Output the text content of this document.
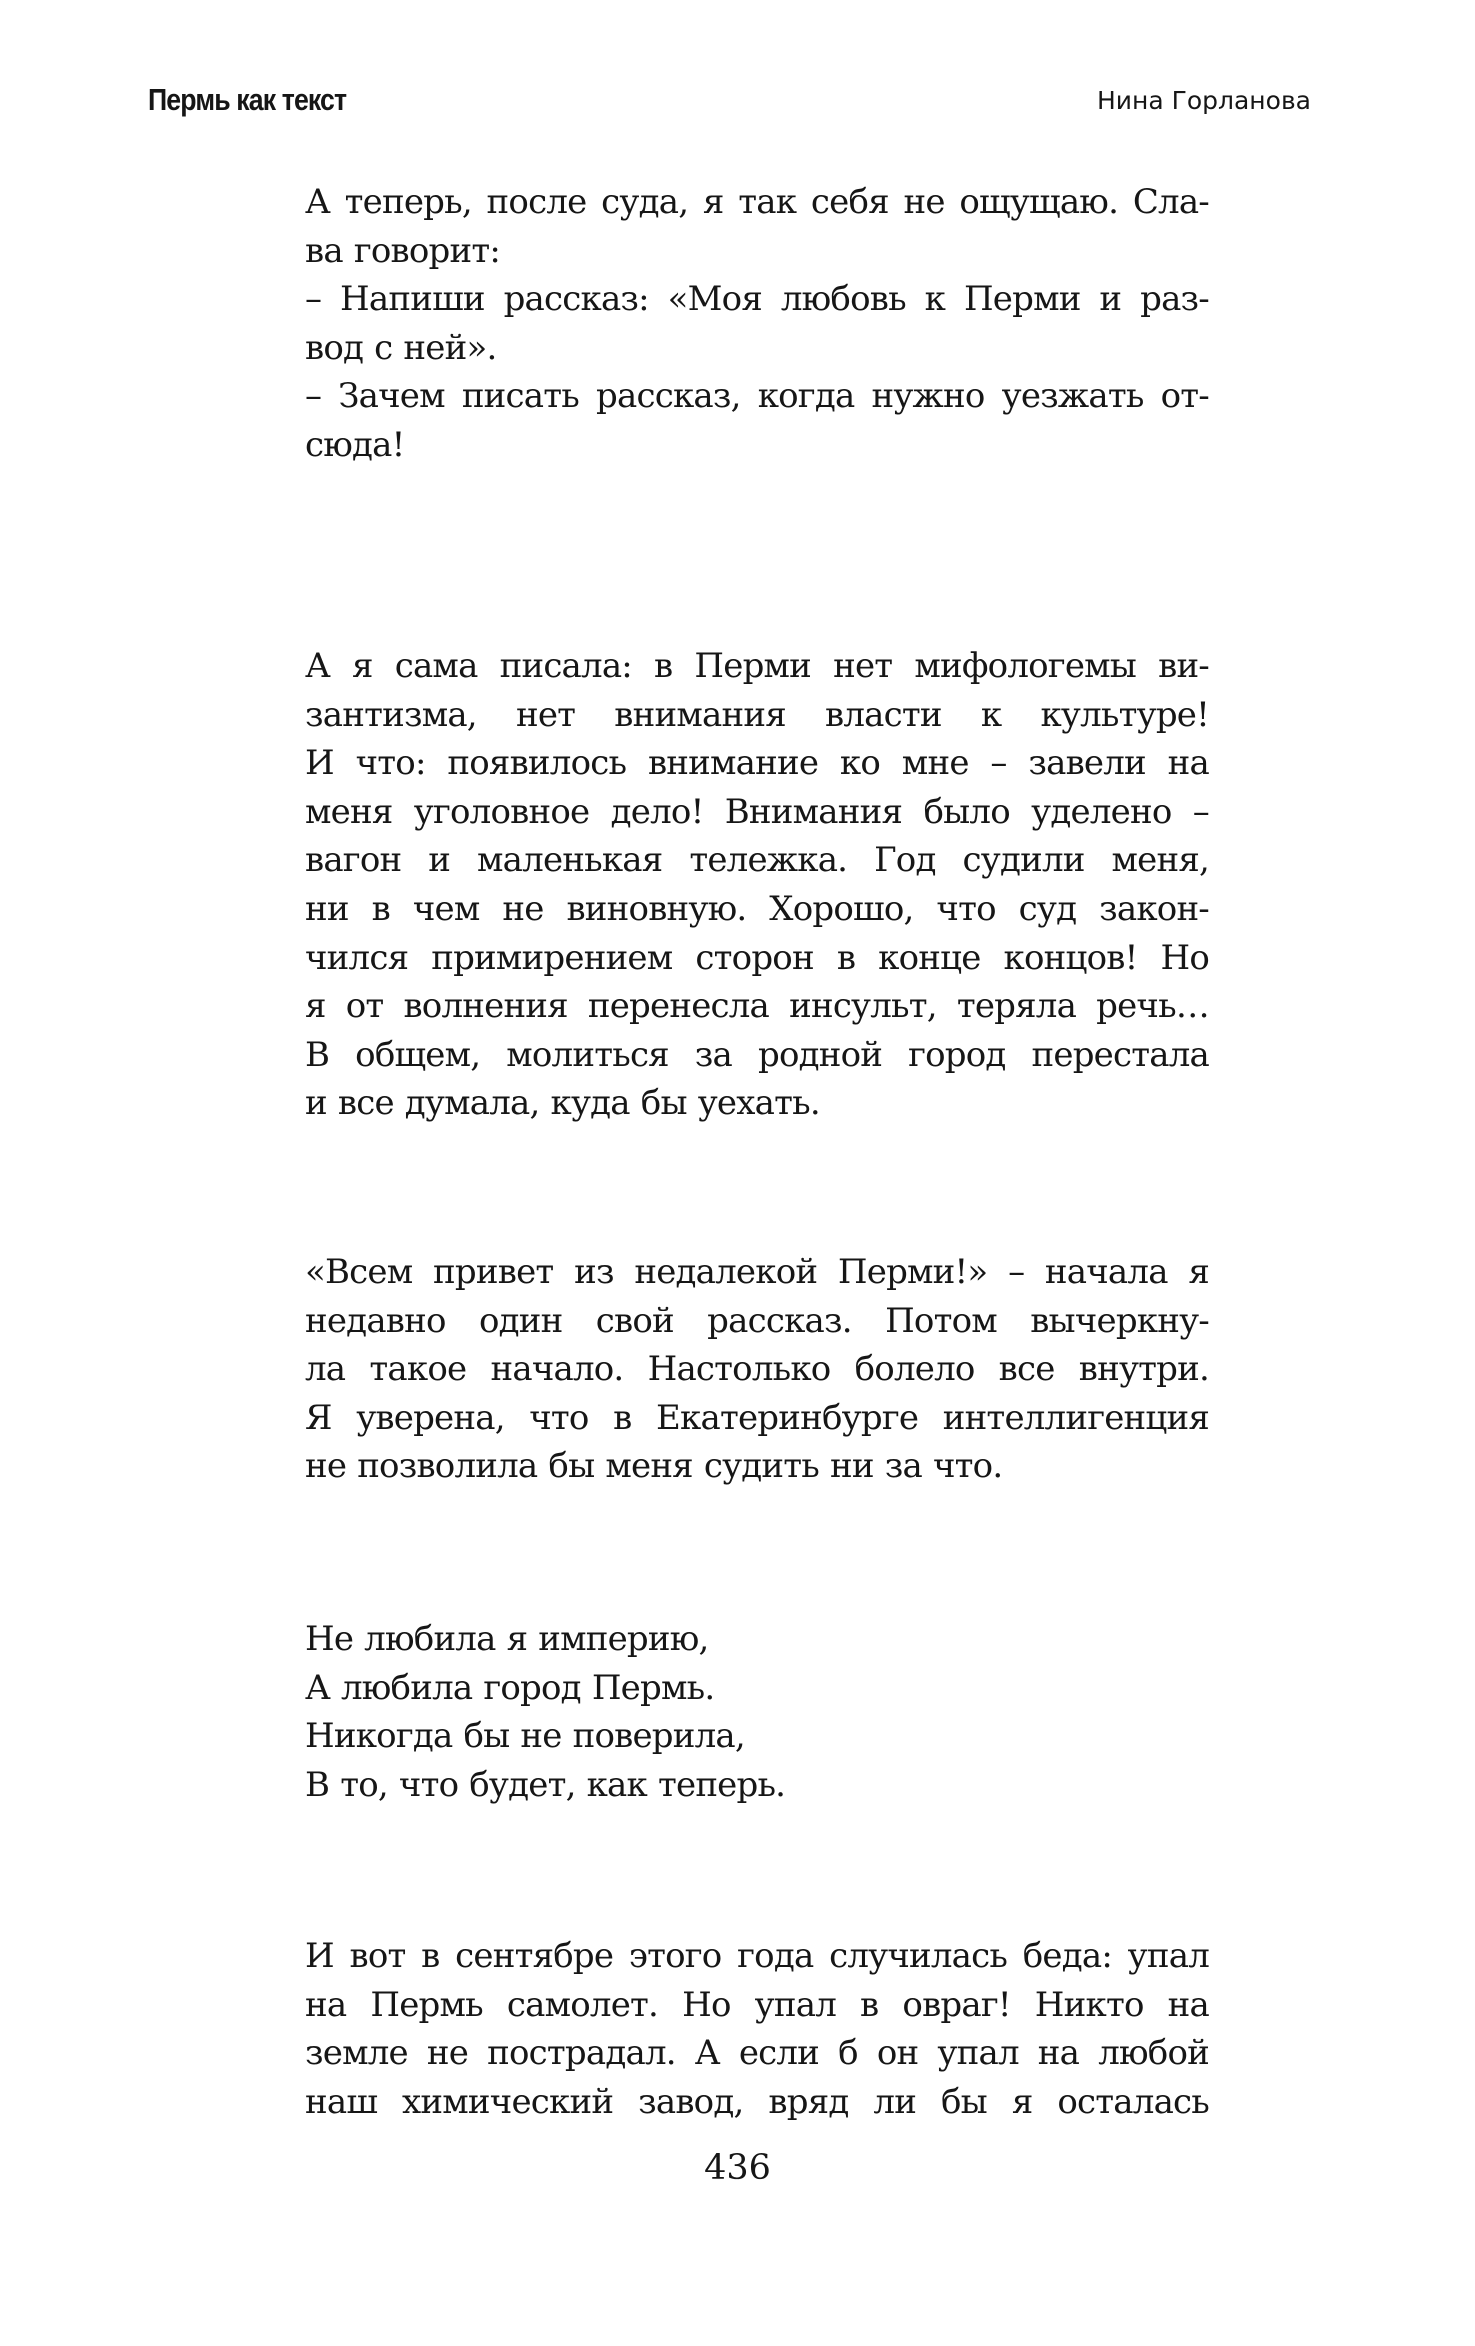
Пермь как текст	Нина Горланова
А теперь, после суда, я так себя не ощущаю. Сла-
ва говорит:
– Напиши рассказ: «Моя любовь к Перми и раз-
вод с ней».
– Зачем писать рассказ, когда нужно уезжать от-
сюда!
А я сама писала: в Перми нет мифологемы ви-
зантизма, нет внимания власти к культуре!
И что: появилось внимание ко мне – завели на
меня уголовное дело! Внимания было уделено –
вагон и маленькая тележка. Год судили меня,
ни в чем не виновную. Хорошо, что суд закон-
чился примирением сторон в конце концов! Но
я от волнения перенесла инсульт, теряла речь…
В общем, молиться за родной город перестала
и все думала, куда бы уехать.
«Всем привет из недалекой Перми!» – начала я
недавно один свой рассказ. Потом вычеркну-
ла такое начало. Настолько болело все внутри.
Я уверена, что в Екатеринбурге интеллигенция
не позволила бы меня судить ни за что.
Не любила я империю,
А любила город Пермь.
Никогда бы не поверила,
В то, что будет, как теперь.
И вот в сентябре этого года случилась беда: упал
на Пермь самолет. Но упал в овраг! Никто на
земле не пострадал. А если б он упал на любой
наш химический завод, вряд ли бы я осталась
436
